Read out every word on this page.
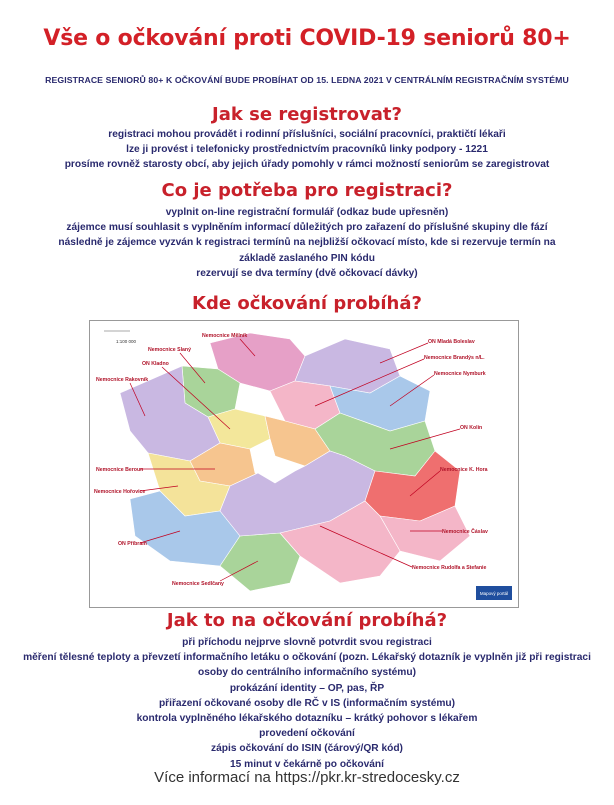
Vše o očkování proti COVID-19 seniorů 80+
REGISTRACE SENIORŮ 80+ K OČKOVÁNÍ BUDE PROBÍHAT OD 15. LEDNA 2021 V CENTRÁLNÍM REGISTRAČNÍM SYSTÉMU
Jak se registrovat?
registraci mohou provádět i rodinní příslušníci, sociální pracovníci, praktičtí lékaři
lze ji provést i telefonicky prostřednictvím pracovníků linky podpory - 1221
prosíme rovněž starosty obcí, aby jejich úřady pomohly v rámci možností seniorům se zaregistrovat
Co je potřeba pro registraci?
vyplnit on-line registrační formulář (odkaz bude upřesněn)
zájemce musí souhlasit s vyplněním informací důležitých pro zařazení do příslušné skupiny dle fází
následně je zájemce vyzván k registraci termínů na nejbližší očkovací místo, kde si rezervuje termín na základě zaslaného PIN kódu
rezervují se dva termíny (dvě očkovací dávky)
Kde očkování probíhá?
1:100 000
Nemocnice Mělník
Nemocnice Slaný
ON Kladno
Nemocnice Rakovník
Nemocnice Beroun
Nemocnice Hořovice
ON Příbram
Nemocnice Sedlčany
ON Mladá Boleslav
Nemocnice Brandýs n/L.
Nemocnice Nymburk
ON Kolín
Nemocnice K. Hora
Nemocnice Čáslav
Nemocnice Rudolfa a Stefanie
Mapový portál
Jak to na očkování probíhá?
při příchodu nejprve slovně potvrdit svou registraci
měření tělesné teploty a převzetí informačního letáku o očkování (pozn. Lékařský dotazník je vyplněn již při registraci osoby do centrálního informačního systému)
prokázání identity – OP, pas, ŘP
přiřazení očkované osoby dle RČ v IS (informačním systému)
kontrola vyplněného lékařského dotazníku – krátký pohovor s lékařem
provedení očkování
zápis očkování do ISIN (čárový/QR kód)
15 minut v čekárně po očkování
Více informací na https://pkr.kr-stredocesky.cz
